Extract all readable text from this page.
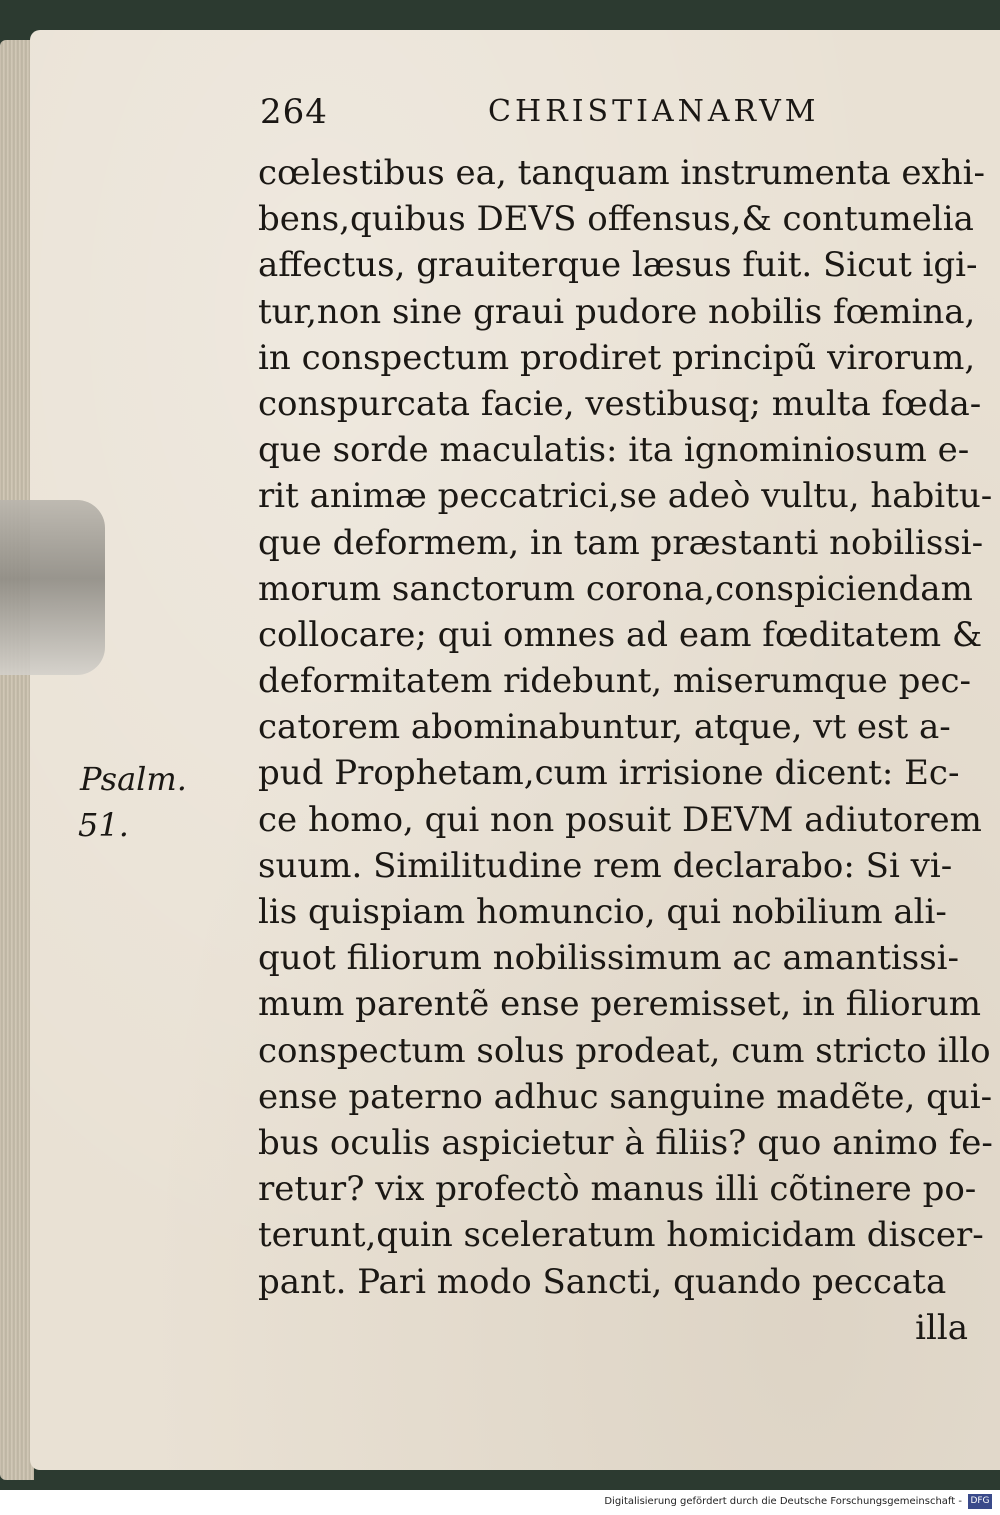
264	CHRISTIANARVM
Psalm.
51.
cœlestibus ea, tanquam instrumenta exhi-
bens,quibus DEVS offensus,& contumelia
affectus, grauiterque læsus fuit. Sicut igi-
tur,non sine graui pudore nobilis fœmina,
in conspectum prodiret principũ virorum,
conspurcata facie, vestibusq; multa fœda-
que sorde maculatis: ita ignominiosum e-
rit animæ peccatrici,se adeò vultu, habitu-
que deformem, in tam præstanti nobilissi-
morum sanctorum corona,conspiciendam
collocare; qui omnes ad eam fœditatem &
deformitatem ridebunt, miserumque pec-
catorem abominabuntur, atque, vt est a-
pud Prophetam,cum irrisione dicent: Ec-
ce homo, qui non posuit DEVM adiutorem
suum. Similitudine rem declarabo: Si vi-
lis quispiam homuncio, qui nobilium ali-
quot filiorum nobilissimum ac amantissi-
mum parentẽ ense peremisset, in filiorum
conspectum solus prodeat, cum stricto illo
ense paterno adhuc sanguine madẽte, qui-
bus oculis aspicietur à filiis? quo animo fe-
retur? vix profectò manus illi cõtinere po-
terunt,quin sceleratum homicidam discer-
pant. Pari modo Sancti, quando peccata
illa
Digitalisierung gefördert durch die Deutsche Forschungsgemeinschaft - DFG
